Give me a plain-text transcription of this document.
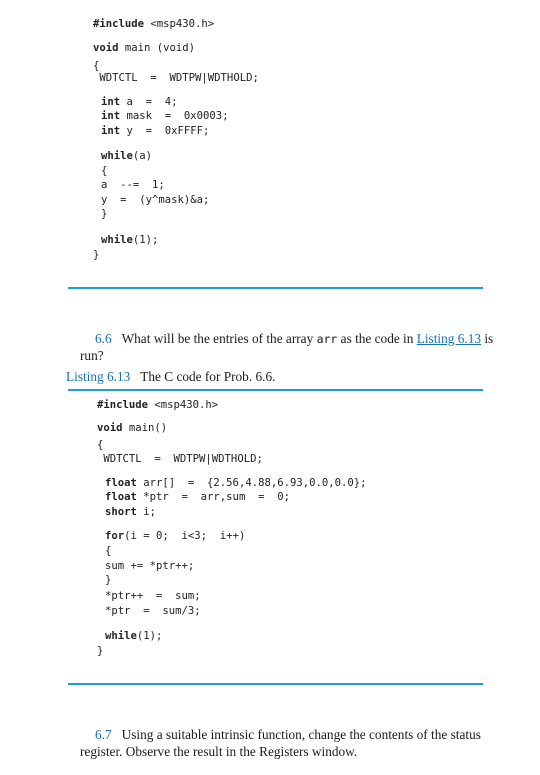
#include <msp430.h>
void main (void)
{
WDTCTL  =  WDTPW|WDTHOLD;
int a  =  4;
int mask  =  0x0003;
int y  =  0xFFFF;
while(a)
{
a  --=  1;
y  =  (y^mask)&a;
}
while(1);
}
6.6 What will be the entries of the array arr as the code in Listing 6.13 is
run?
Listing 6.13 The C code for Prob. 6.6.
#include <msp430.h>
void main()
{
WDTCTL  =  WDTPW|WDTHOLD;
float arr[]  =  {2.56,4.88,6.93,0.0,0.0};
float *ptr  =  arr,sum  =  0;
short i;
for(i = 0;  i<3;  i++)
{
sum += *ptr++;
}
*ptr++  =  sum;
*ptr  =  sum/3;
while(1);
}
6.7 Using a suitable intrinsic function, change the contents of the status
register. Observe the result in the Registers window.
